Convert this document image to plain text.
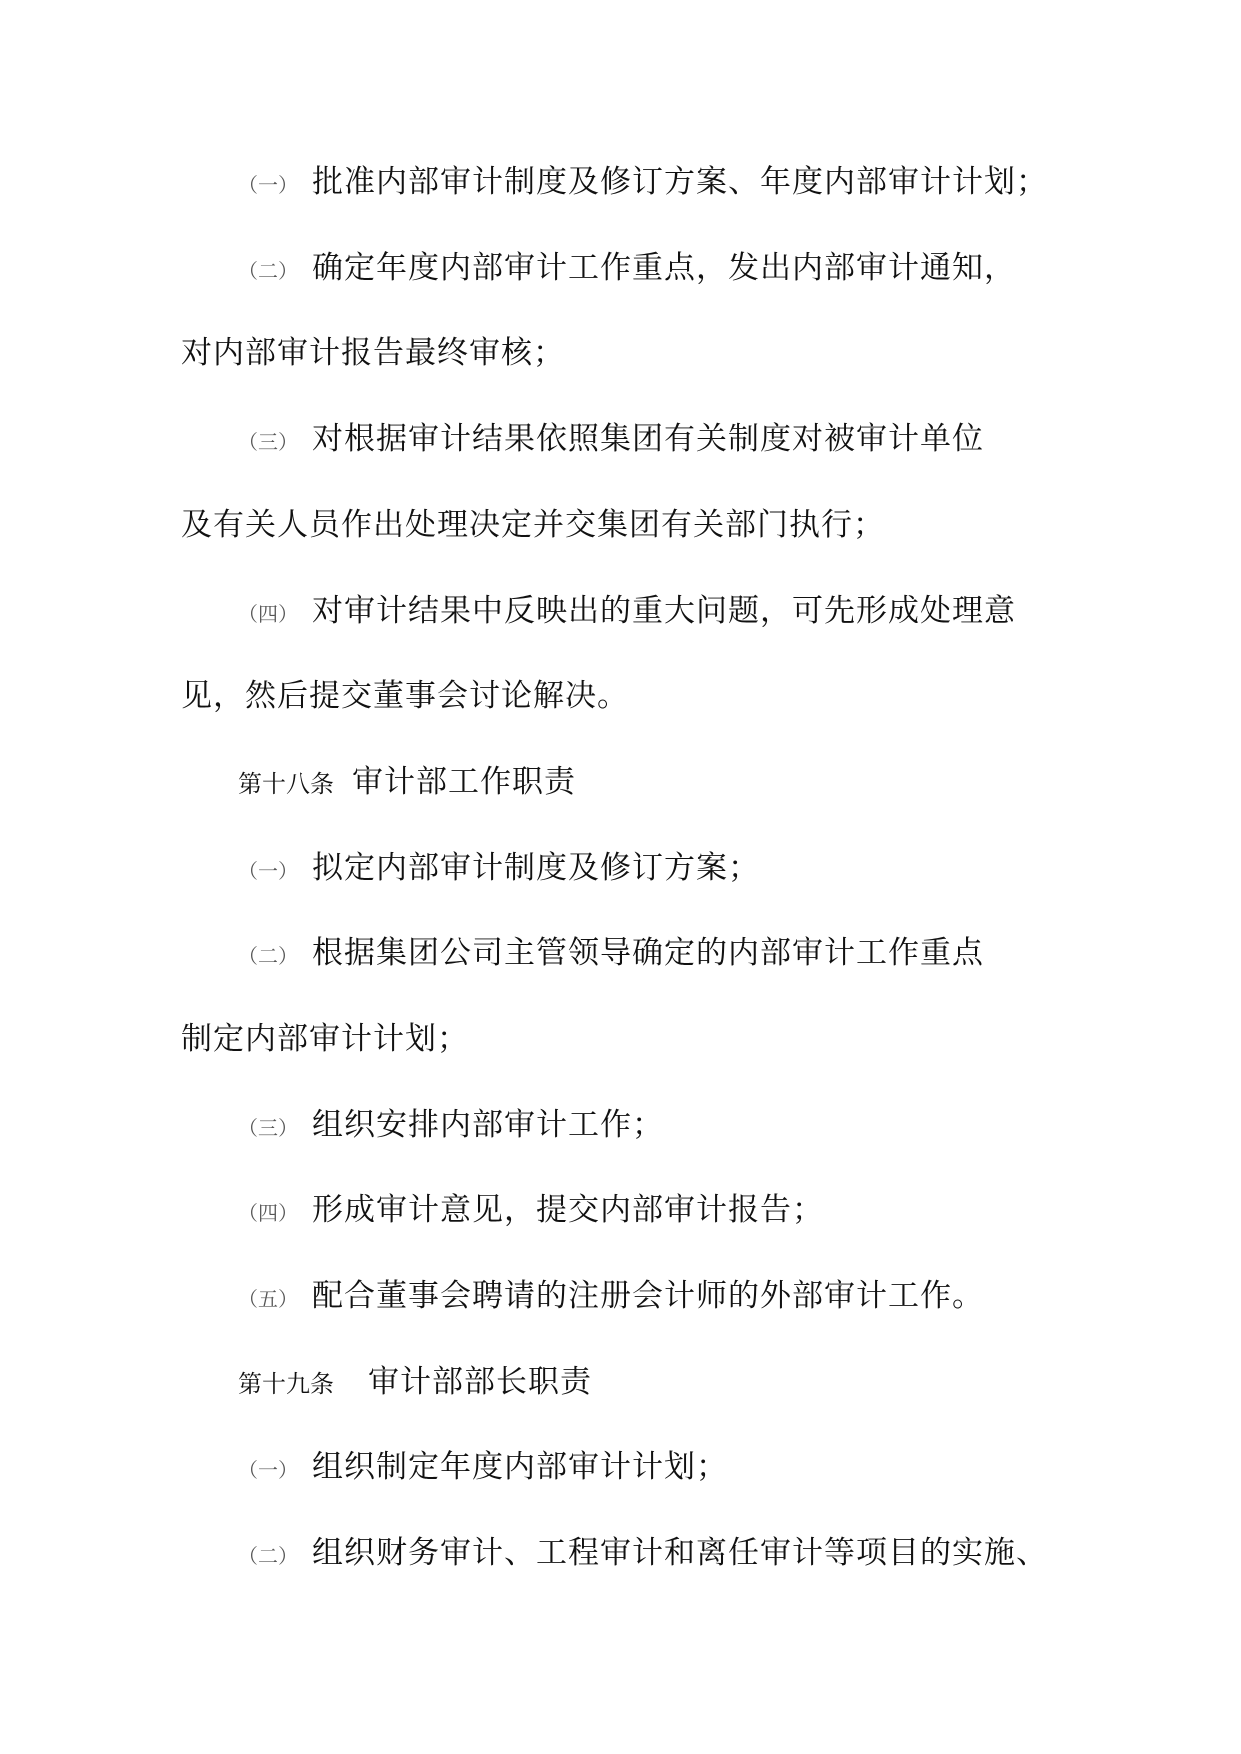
（一） 批准内部审计制度及修订方案、年度内部审计计划；
（二） 确定年度内部审计工作重点，发出内部审计通知，
对内部审计报告最终审核；
（三） 对根据审计结果依照集团有关制度对被审计单位
及有关人员作出处理决定并交集团有关部门执行；
（四） 对审计结果中反映出的重大问题，可先形成处理意
见，然后提交董事会讨论解决。
第十八条 审计部工作职责
（一） 拟定内部审计制度及修订方案；
（二） 根据集团公司主管领导确定的内部审计工作重点
制定内部审计计划；
（三） 组织安排内部审计工作；
（四） 形成审计意见，提交内部审计报告；
（五） 配合董事会聘请的注册会计师的外部审计工作。
第十九条 审计部部长职责
（一） 组织制定年度内部审计计划；
（二） 组织财务审计、工程审计和离任审计等项目的实施、
